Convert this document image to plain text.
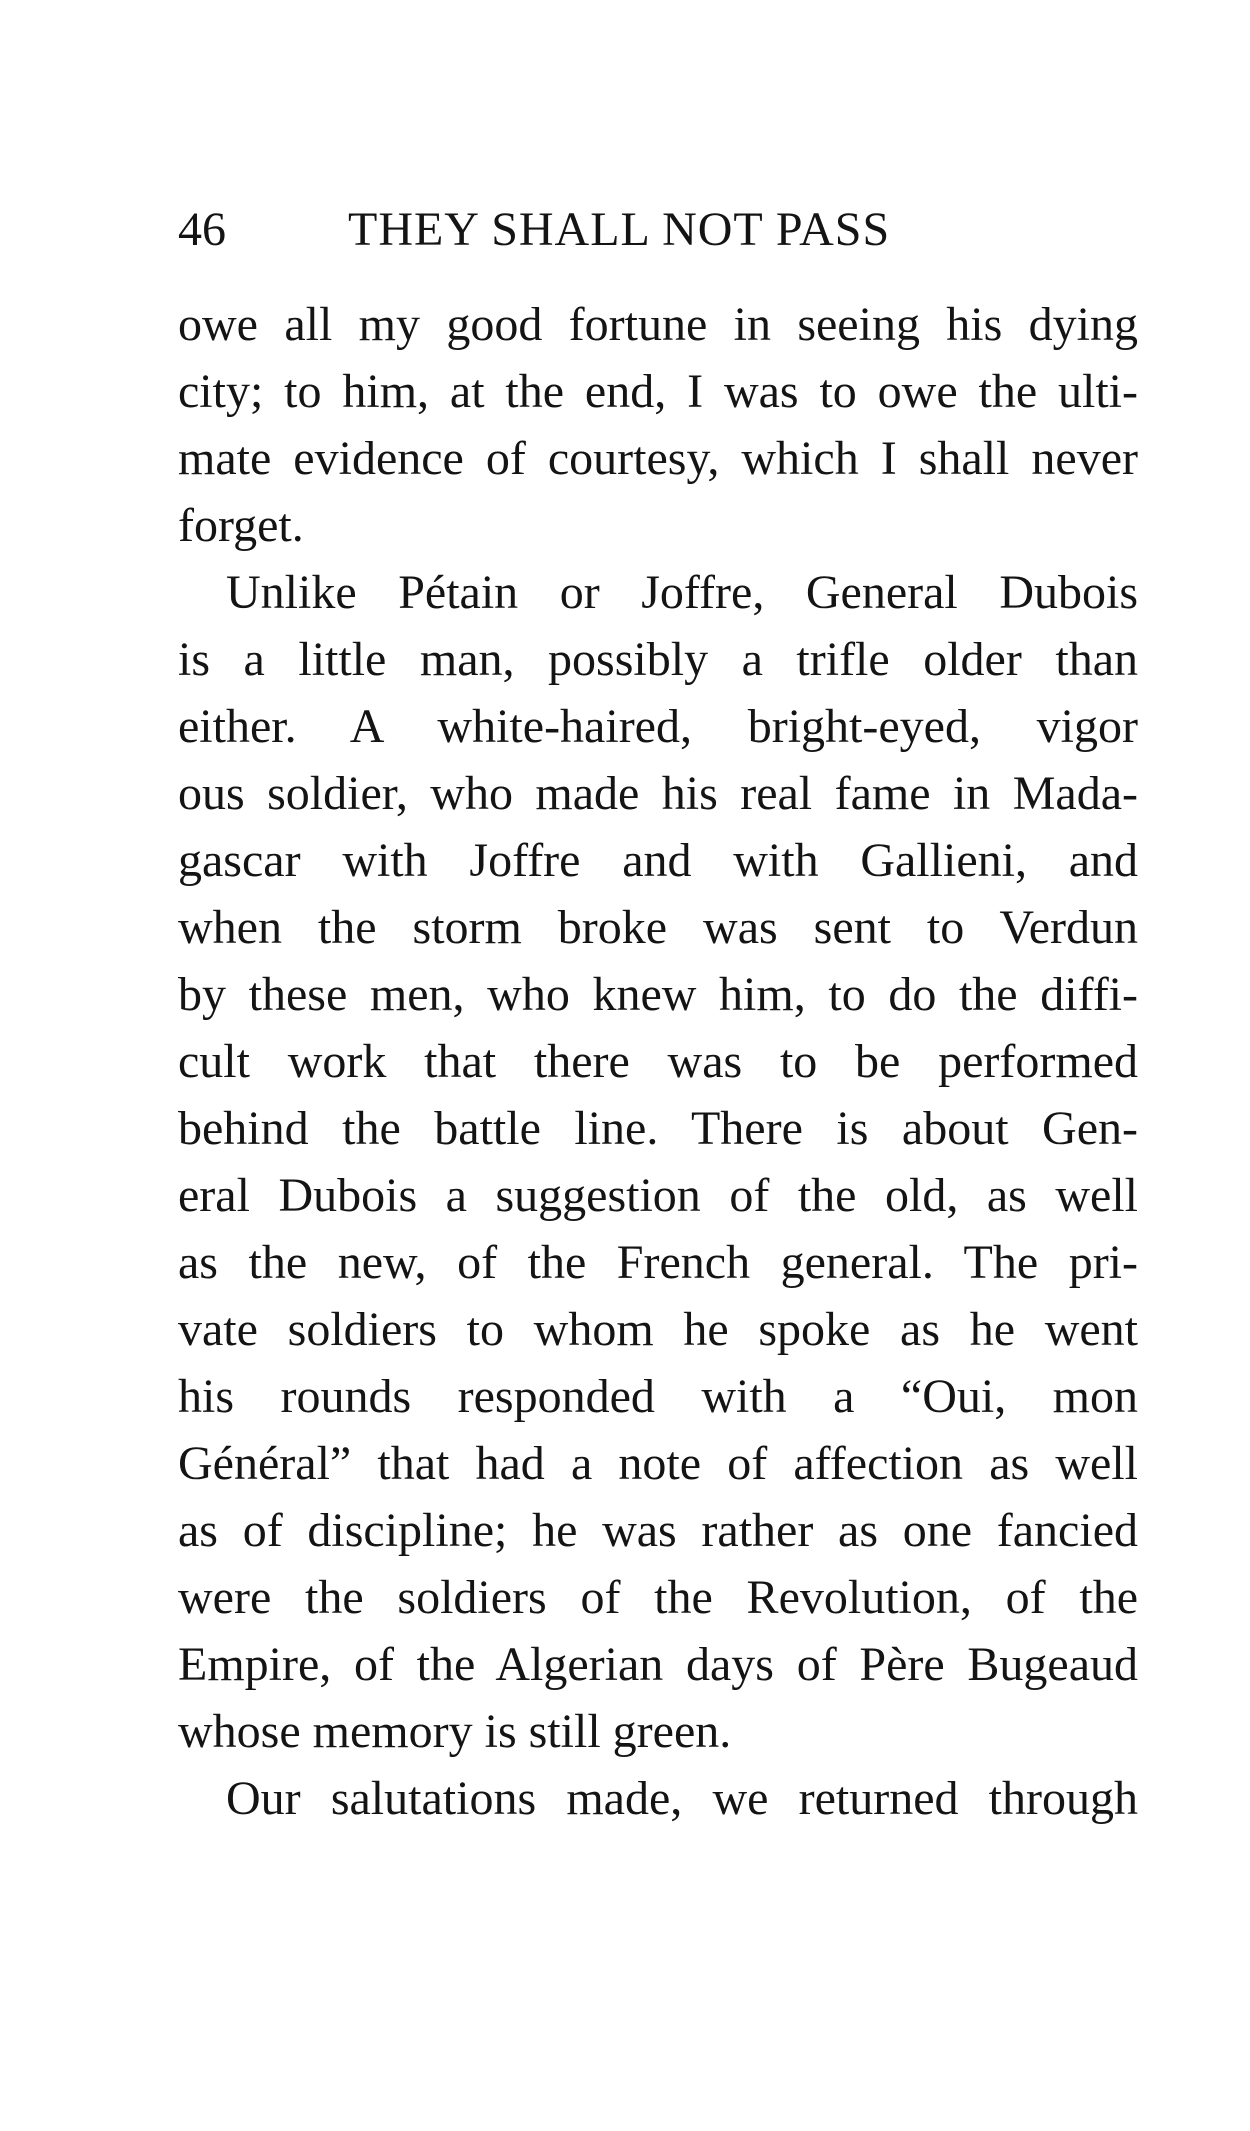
46	THEY SHALL NOT PASS
owe all my good fortune in seeing his dying
city; to him, at the end, I was to owe the ulti-
mate evidence of courtesy, which I shall never
forget.
Unlike Pétain or Joffre, General Dubois
is a little man, possibly a trifle older than
either. A white-haired, bright-eyed, vigor
ous soldier, who made his real fame in Mada-
gascar with Joffre and with Gallieni, and
when the storm broke was sent to Verdun
by these men, who knew him, to do the diffi-
cult work that there was to be performed
behind the battle line. There is about Gen-
eral Dubois a suggestion of the old, as well
as the new, of the French general. The pri-
vate soldiers to whom he spoke as he went
his rounds responded with a “Oui, mon
Général” that had a note of affection as well
as of discipline; he was rather as one fancied
were the soldiers of the Revolution, of the
Empire, of the Algerian days of Père Bugeaud
whose memory is still green.
Our salutations made, we returned through
